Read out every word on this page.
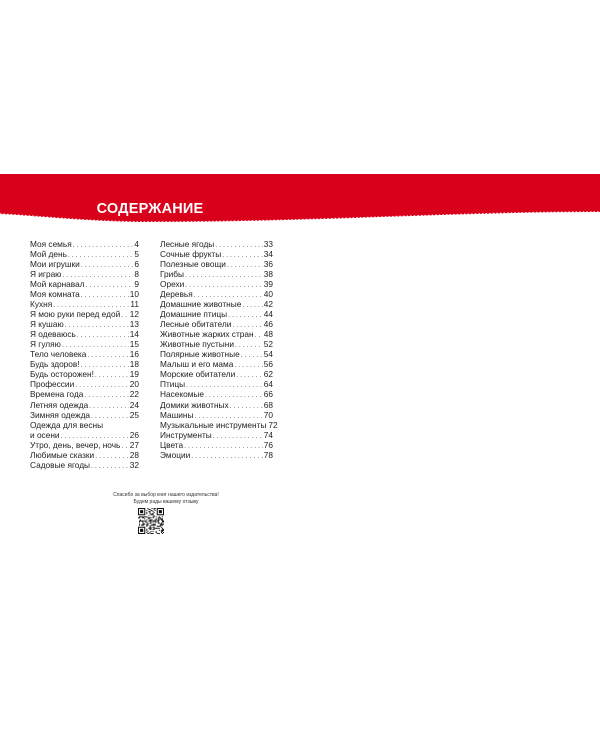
СОДЕРЖАНИЕ
Моя семья . . .	4
Мой день . . .	5
Мои игрушки . . .	6
Я играю . . .	8
Мой карнавал . . .	9
Моя комната . . .	10
Кухня . . .	11
Я мою руки перед едой . . . 12
Я кушаю . . .	13
Я одеваюсь . . .	14
Я гуляю . . .	15
Тело человека . . .	16
Будь здоров! . . .	18
Будь осторожен! . . .	19
Профессии . . .	20
Времена года . . .	22
Летняя одежда . . .	24
Зимняя одежда . . .	25
Одежда для весны
и осени . . .	26
Утро, день, вечер, ночь . . . 27
Любимые сказки . . .	28
Садовые ягоды . . .	32
Лесные ягоды . . .	33
Сочные фрукты . . .	34
Полезные овощи . . .	36
Грибы . . .	38
Орехи . . .	39
Деревья . . .	40
Домашние животные . . .	42
Домашние птицы . . .	44
Лесные обитатели . . .	46
Животные жарких стран . . . 48
Животные пустыни . . .	52
Полярные животные . . .	54
Малыш и его мама . . .	56
Морские обитатели . . .	62
Птицы . . .	64
Насекомые . . .	66
Домики животных . . .	68
Машины . . .	70
Музыкальные инструменты 72
Инструменты . . .	74
Цвета . . .	76
Эмоции . . .	78
Спасибо за выбор книг нашего издательства!
Будем рады вашему отзыву
